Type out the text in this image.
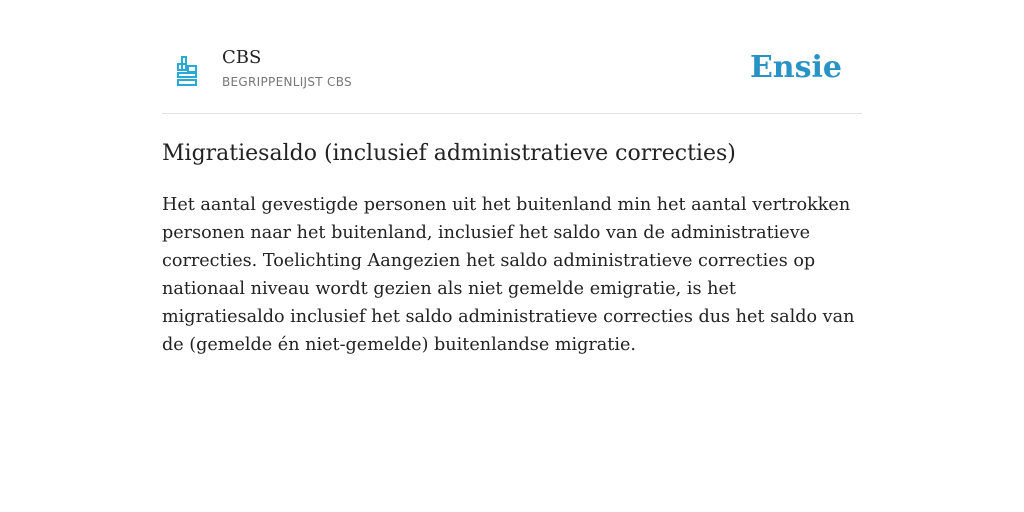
CBS
BEGRIPPENLIJST CBS	Ensie
Migratiesaldo (inclusief administratieve correcties)

Het aantal gevestigde personen uit het buitenland min het aantal vertrokken personen naar het buitenland, inclusief het saldo van de administratieve correcties. Toelichting Aangezien het saldo administratieve correcties op nationaal niveau wordt gezien als niet gemelde emigratie, is het migratiesaldo inclusief het saldo administratieve correcties dus het saldo van de (gemelde én niet-gemelde) buitenlandse migratie.
